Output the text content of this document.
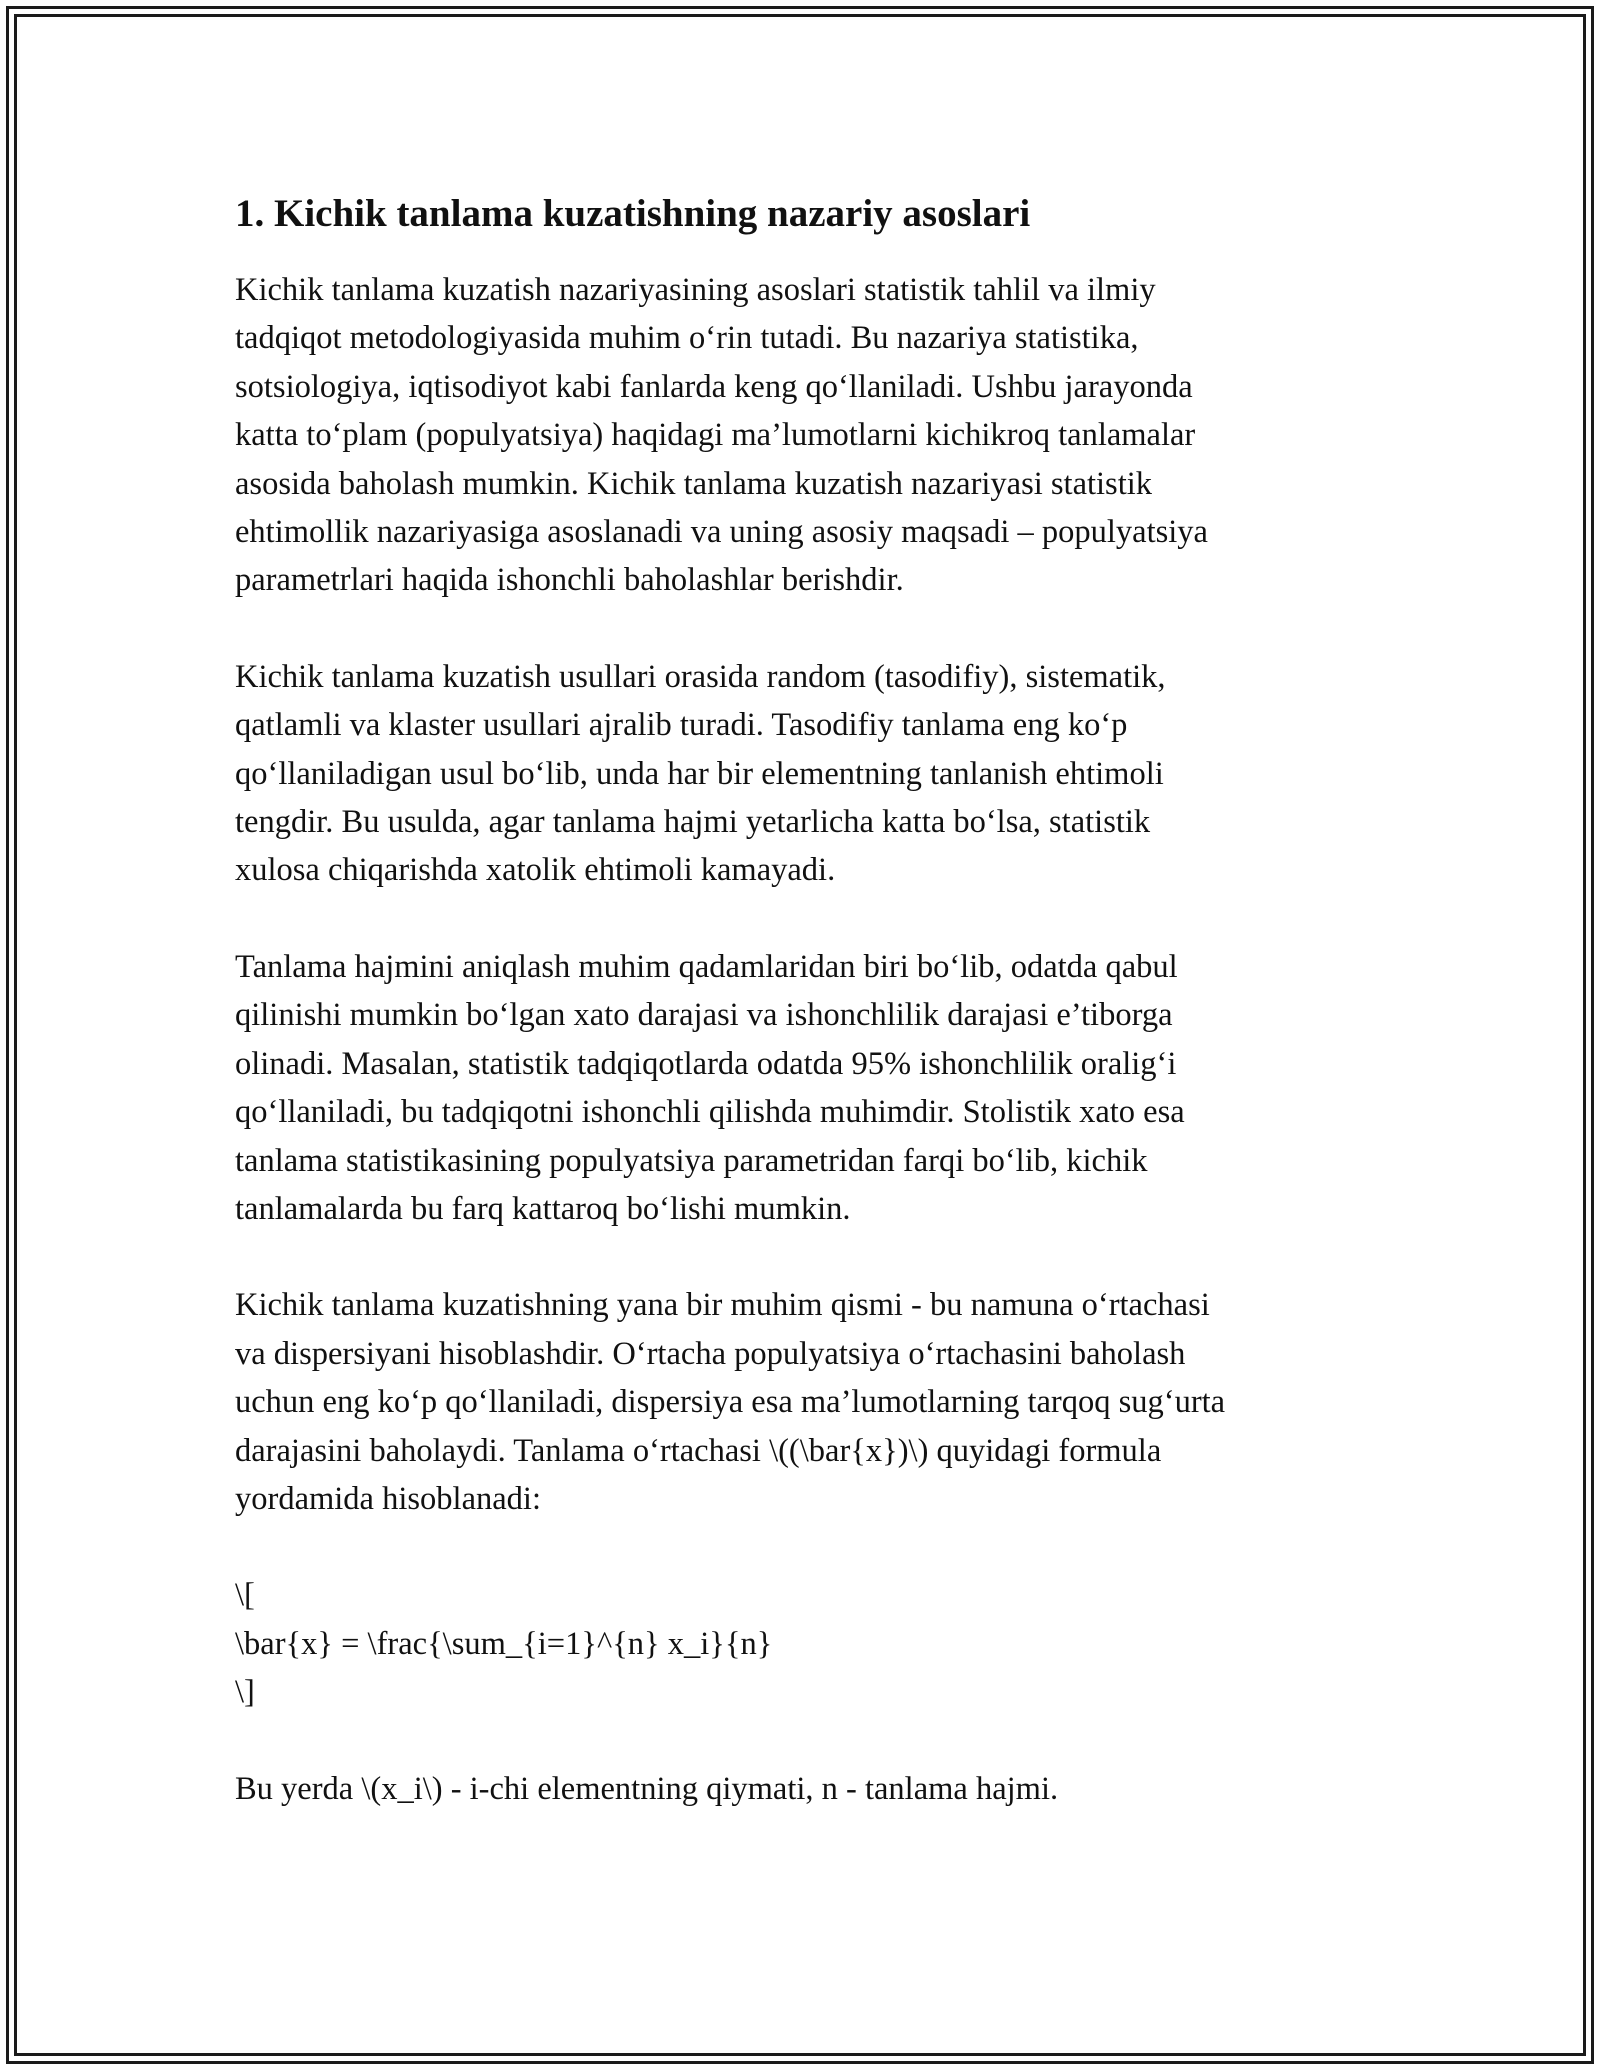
1. Kichik tanlama kuzatishning nazariy asoslari

Kichik tanlama kuzatish nazariyasining asoslari statistik tahlil va ilmiy
tadqiqot metodologiyasida muhim o‘rin tutadi. Bu nazariya statistika,
sotsiologiya, iqtisodiyot kabi fanlarda keng qo‘llaniladi. Ushbu jarayonda
katta to‘plam (populyatsiya) haqidagi ma’lumotlarni kichikroq tanlamalar
asosida baholash mumkin. Kichik tanlama kuzatish nazariyasi statistik
ehtimollik nazariyasiga asoslanadi va uning asosiy maqsadi – populyatsiya
parametrlari haqida ishonchli baholashlar berishdir.

Kichik tanlama kuzatish usullari orasida random (tasodifiy), sistematik,
qatlamli va klaster usullari ajralib turadi. Tasodifiy tanlama eng ko‘p
qo‘llaniladigan usul bo‘lib, unda har bir elementning tanlanish ehtimoli
tengdir. Bu usulda, agar tanlama hajmi yetarlicha katta bo‘lsa, statistik
xulosa chiqarishda xatolik ehtimoli kamayadi.

Tanlama hajmini aniqlash muhim qadamlaridan biri bo‘lib, odatda qabul
qilinishi mumkin bo‘lgan xato darajasi va ishonchlilik darajasi e’tiborga
olinadi. Masalan, statistik tadqiqotlarda odatda 95% ishonchlilik oralig‘i
qo‘llaniladi, bu tadqiqotni ishonchli qilishda muhimdir. Stolistik xato esa
tanlama statistikasining populyatsiya parametridan farqi bo‘lib, kichik
tanlamalarda bu farq kattaroq bo‘lishi mumkin.

Kichik tanlama kuzatishning yana bir muhim qismi - bu namuna o‘rtachasi
va dispersiyani hisoblashdir. O‘rtacha populyatsiya o‘rtachasini baholash
uchun eng ko‘p qo‘llaniladi, dispersiya esa ma’lumotlarning tarqoq sug‘urta
darajasini baholaydi. Tanlama o‘rtachasi \((\bar{x})\) quyidagi formula
yordamida hisoblanadi:

\[
\bar{x} = \frac{\sum_{i=1}^{n} x_i}{n}
\]

Bu yerda \(x_i\) - i-chi elementning qiymati, n - tanlama hajmi.
